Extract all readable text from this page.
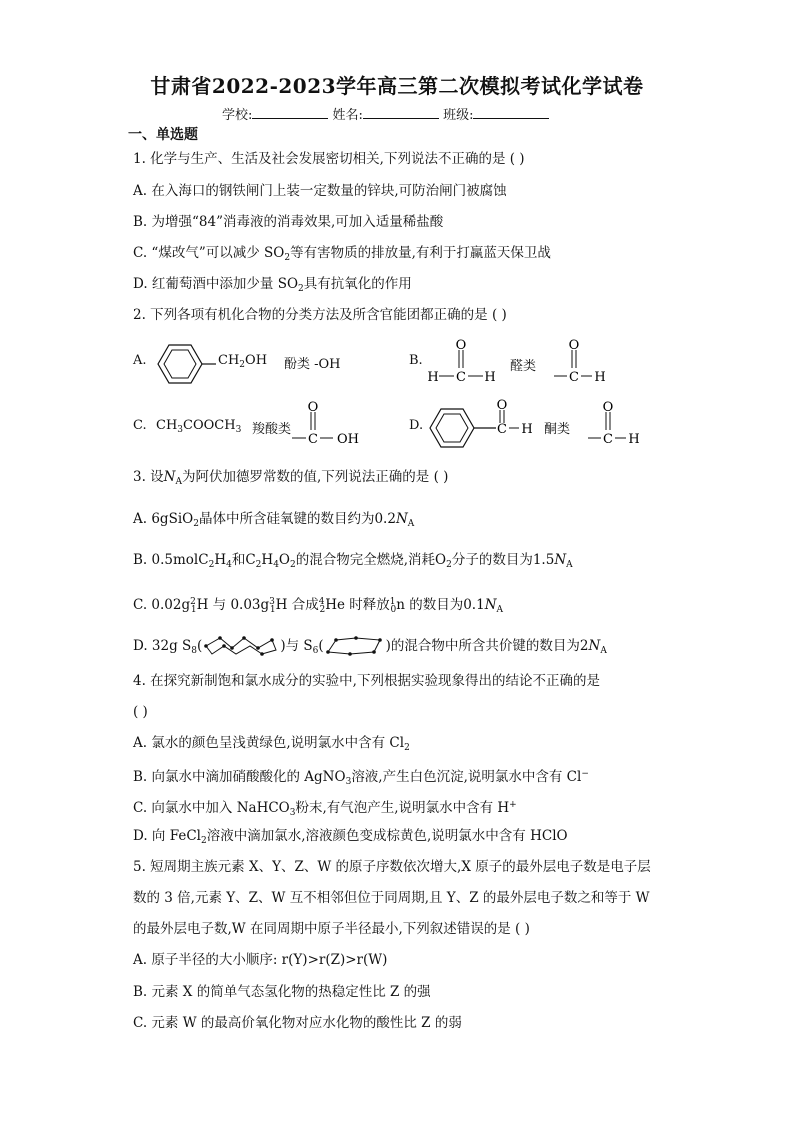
甘肃省2022-2023学年高三第二次模拟考试化学试卷
学校:	姓名:	班级:
一、单选题
1. 化学与生产、生活及社会发展密切相关,下列说法不正确的是 ( )
A. 在入海口的钢铁闸门上装一定数量的锌块,可防治闸门被腐蚀
B. 为增强“84”消毒液的消毒效果,可加入适量稀盐酸
C. “煤改气”可以减少 $SO_2$等有害物质的排放量,有利于打赢蓝天保卫战
D. 红葡萄酒中添加少量 $SO_2$具有抗氧化的作用
2. 下列各项有机化合物的分类方法及所含官能团都正确的是 ( )
A.	$CH_2OH$ 酚类 -OH	B.
O
H C H
醛类
O
C H
C. $CH_3COOCH_3$ 羧酸类
O
C OH
D.
O
C H 酮类
O
C H
3. 设$N_A$为阿伏加德罗常数的值,下列说法正确的是 ( )
A. 6gSiO$_2$晶体中所含硅氧键的数目约为$0.2N_A$
B. $0.5molC_2H_4$和$C_2H_4O_2$的混合物完全燃烧,消耗$O_2$分子的数目为$1.5N_A$
C. $0.02g^2_1H$ 与 $0.03g^3_1H$ 合成$^4_2$He 时释放$^1_0$n 的数目为$0.1N_A$
D. 32g $S_8$(	)与 $S_6$(	)的混合物中所含共价键的数目为$2N_A$
4. 在探究新制饱和氯水成分的实验中,下列根据实验现象得出的结论不正确的是
( )
A. 氯水的颜色呈浅黄绿色,说明氯水中含有 $Cl_2$
B. 向氯水中滴加硝酸酸化的 AgNO$_3$溶液,产生白色沉淀,说明氯水中含有 Cl−
C. 向氯水中加入 NaHCO$_3$粉末,有气泡产生,说明氯水中含有 H+
D. 向 FeCl$_2$溶液中滴加氯水,溶液颜色变成棕黄色,说明氯水中含有 HClO
5. 短周期主族元素 X、Y、Z、W 的原子序数依次增大,X 原子的最外层电子数是电子层
数的 3 倍,元素 Y、Z、W 互不相邻但位于同周期,且 Y、Z 的最外层电子数之和等于 W
的最外层电子数,W 在同周期中原子半径最小,下列叙述错误的是 ( )
A. 原子半径的大小顺序: r(Y)>r(Z)>r(W)
B. 元素 X 的简单气态氢化物的热稳定性比 Z 的强
C. 元素 W 的最高价氧化物对应水化物的酸性比 Z 的弱
